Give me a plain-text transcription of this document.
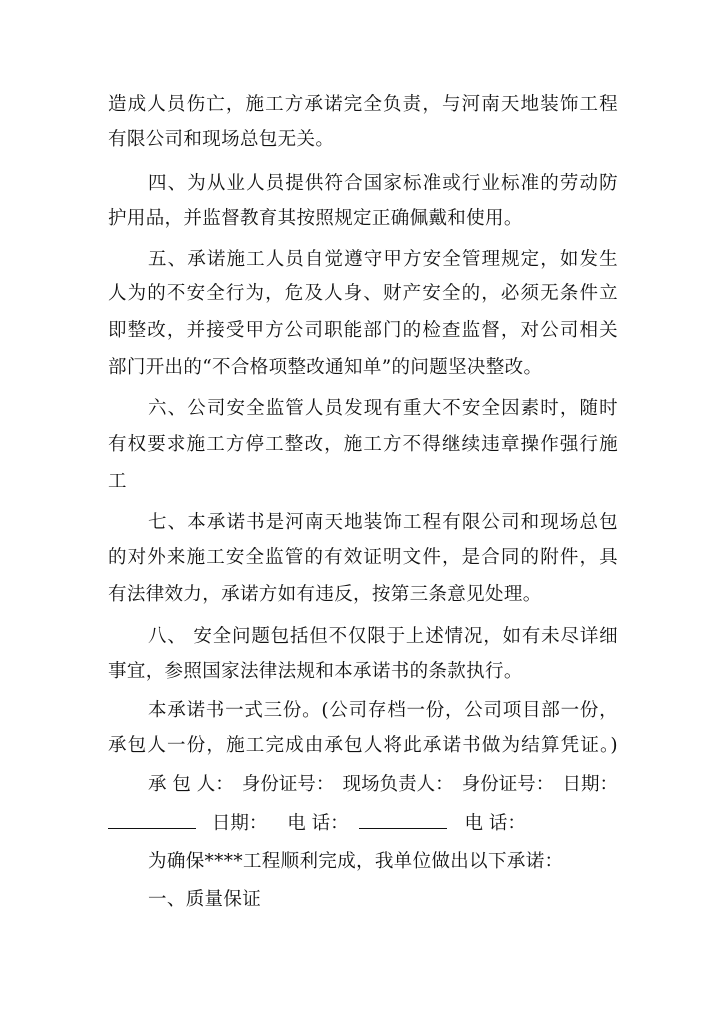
造成人员伤亡，施工方承诺完全负责，与河南天地装饰工程
有限公司和现场总包无关。
四、为从业人员提供符合国家标准或行业标准的劳动防
护用品，并监督教育其按照规定正确佩戴和使用。
五、承诺施工人员自觉遵守甲方安全管理规定，如发生
人为的不安全行为，危及人身、财产安全的，必须无条件立
即整改，并接受甲方公司职能部门的检查监督，对公司相关
部门开出的“不合格项整改通知单”的问题坚决整改。
六、公司安全监管人员发现有重大不安全因素时，随时
有权要求施工方停工整改，施工方不得继续违章操作强行施
工
七、本承诺书是河南天地装饰工程有限公司和现场总包
的对外来施工安全监管的有效证明文件，是合同的附件，具
有法律效力，承诺方如有违反，按第三条意见处理。
八、 安全问题包括但不仅限于上述情况，如有未尽详细
事宜，参照国家法律法规和本承诺书的条款执行。
本承诺书一式三份。(公司存档一份，公司项目部一份，
承包人一份，施工完成由承包人将此承诺书做为结算凭证。)
承 包 人： 身份证号： 现场负责人： 身份证号： 日期：
日期： 电 话：	电 话：
为确保****工程顺利完成，我单位做出以下承诺：
一、质量保证
